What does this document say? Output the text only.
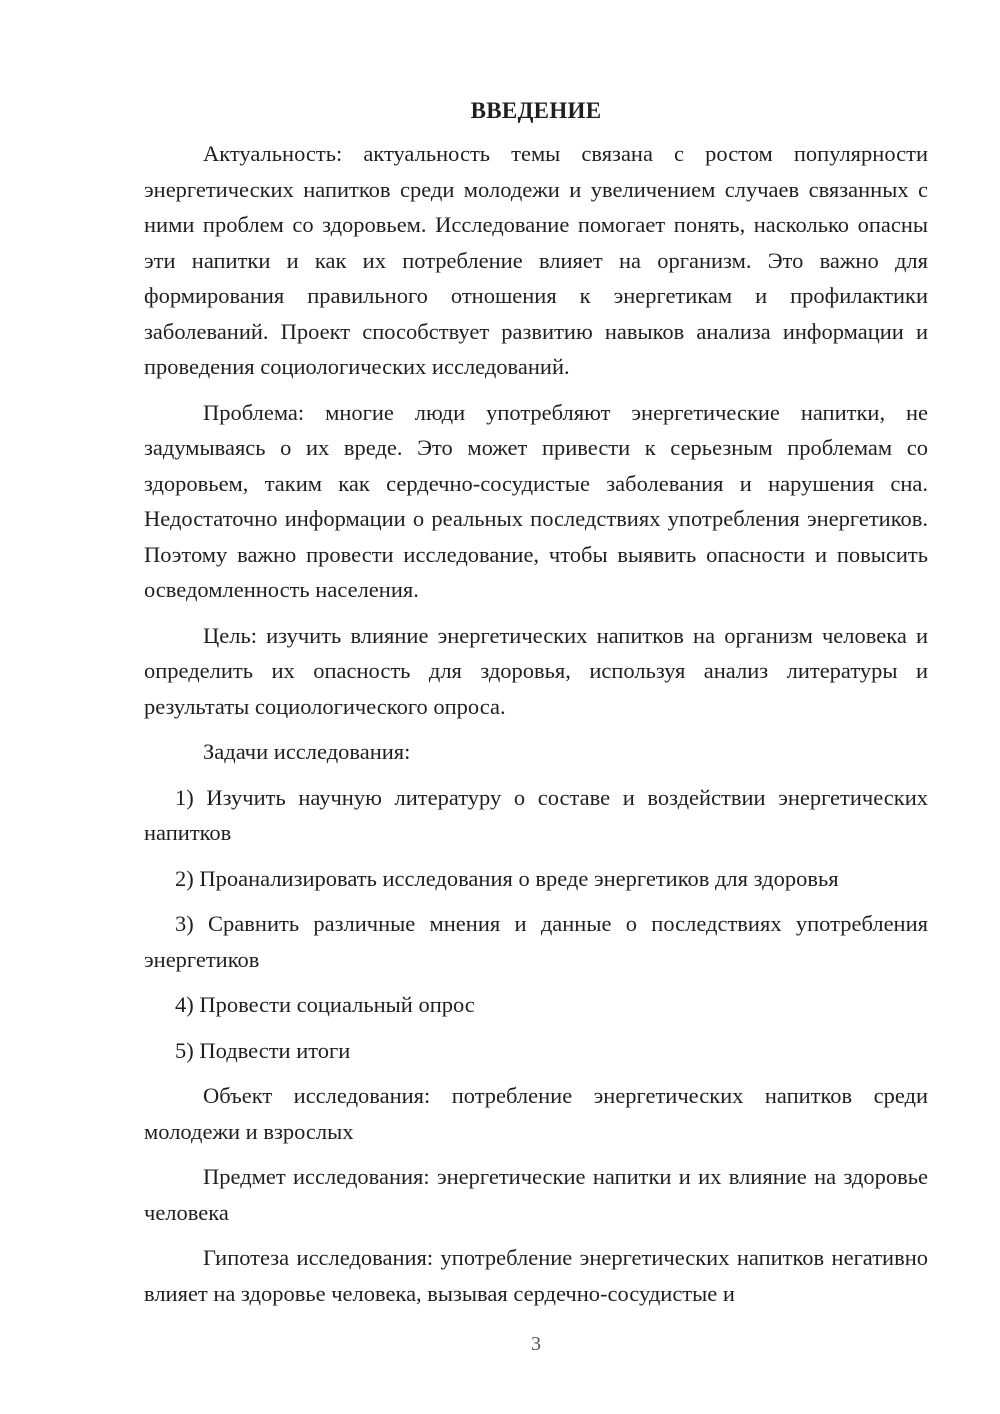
ВВЕДЕНИЕ

Актуальность: актуальность темы связана с ростом популярности энергетических напитков среди молодежи и увеличением случаев связанных с ними проблем со здоровьем. Исследование помогает понять, насколько опасны эти напитки и как их потребление влияет на организм. Это важно для формирования правильного отношения к энергетикам и профилактики заболеваний. Проект способствует развитию навыков анализа информации и проведения социологических исследований.

Проблема: многие люди употребляют энергетические напитки, не задумываясь о их вреде. Это может привести к серьезным проблемам со здоровьем, таким как сердечно-сосудистые заболевания и нарушения сна. Недостаточно информации о реальных последствиях употребления энергетиков. Поэтому важно провести исследование, чтобы выявить опасности и повысить осведомленность населения.

Цель: изучить влияние энергетических напитков на организм человека и определить их опасность для здоровья, используя анализ литературы и результаты социологического опроса.

Задачи исследования:

1) Изучить научную литературу о составе и воздействии энергетических напитков

2) Проанализировать исследования о вреде энергетиков для здоровья

3) Сравнить различные мнения и данные о последствиях употребления энергетиков

4) Провести социальный опрос

5) Подвести итоги

Объект исследования: потребление энергетических напитков среди молодежи и взрослых

Предмет исследования: энергетические напитки и их влияние на здоровье человека

Гипотеза исследования: употребление энергетических напитков негативно влияет на здоровье человека, вызывая сердечно-сосудистые и

3
